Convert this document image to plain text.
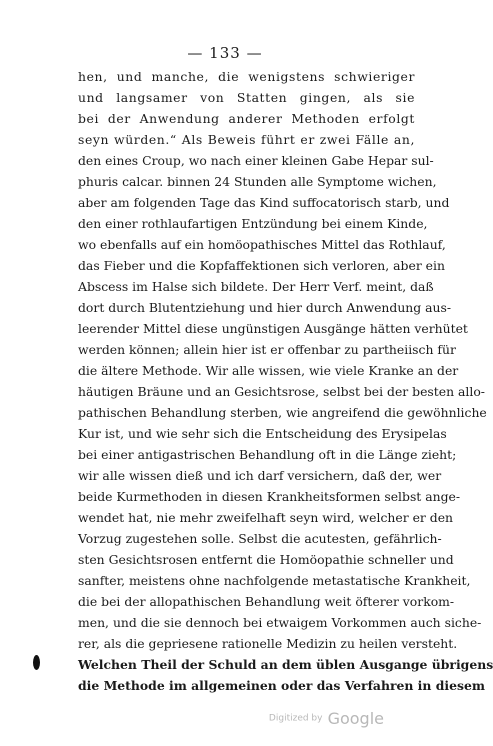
— 133 —
hen, und manche, die wenigstens schwieriger
und langsamer von Statten gingen, als sie
bei der Anwendung anderer Methoden erfolgt
seyn würden.“ Als Beweis führt er zwei Fälle an,
den eines Croup, wo nach einer kleinen Gabe Hepar sul-
phuris calcar. binnen 24 Stunden alle Symptome wichen,
aber am folgenden Tage das Kind suffocatorisch starb, und
den einer rothlaufartigen Entzündung bei einem Kinde,
wo ebenfalls auf ein homöopathisches Mittel das Rothlauf,
das Fieber und die Kopfaffektionen sich verloren, aber ein
Abscess im Halse sich bildete. Der Herr Verf. meint, daß
dort durch Blutentziehung und hier durch Anwendung aus-
leerender Mittel diese ungünstigen Ausgänge hätten verhütet
werden können; allein hier ist er offenbar zu partheiisch für
die ältere Methode. Wir alle wissen, wie viele Kranke an der
häutigen Bräune und an Gesichtsrose, selbst bei der besten allo-
pathischen Behandlung sterben, wie angreifend die gewöhnliche
Kur ist, und wie sehr sich die Entscheidung des Erysipelas
bei einer antigastrischen Behandlung oft in die Länge zieht;
wir alle wissen dieß und ich darf versichern, daß der, wer
beide Kurmethoden in diesen Krankheitsformen selbst ange-
wendet hat, nie mehr zweifelhaft seyn wird, welcher er den
Vorzug zugestehen solle. Selbst die acutesten, gefährlich-
sten Gesichtsrosen entfernt die Homöopathie schneller und
sanfter, meistens ohne nachfolgende metastatische Krankheit,
die bei der allopathischen Behandlung weit öfterer vorkom-
men, und die sie dennoch bei etwaigem Vorkommen auch siche-
rer, als die gepriesene rationelle Medizin zu heilen versteht.
Welchen Theil der Schuld an dem üblen Ausgange übrigens
die Methode im allgemeinen oder das Verfahren in diesem
Digitized by Google
